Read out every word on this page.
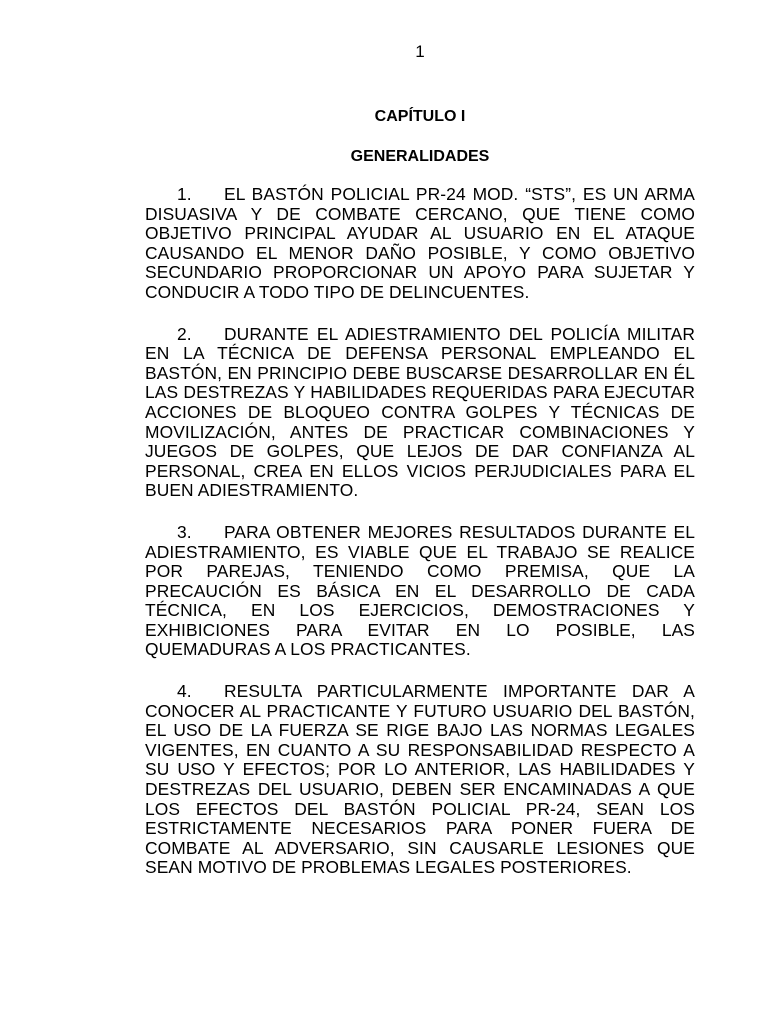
1
CAPÍTULO I
GENERALIDADES

1. EL BASTÓN POLICIAL PR-24 MOD. “STS”, ES UN ARMA DISUASIVA Y DE COMBATE CERCANO, QUE TIENE COMO OBJETIVO PRINCIPAL AYUDAR AL USUARIO EN EL ATAQUE CAUSANDO EL MENOR DAÑO POSIBLE, Y COMO OBJETIVO SECUNDARIO PROPORCIONAR UN APOYO PARA SUJETAR Y CONDUCIR A TODO TIPO DE DELINCUENTES.

2. DURANTE EL ADIESTRAMIENTO DEL POLICÍA MILITAR EN LA TÉCNICA DE DEFENSA PERSONAL EMPLEANDO EL BASTÓN, EN PRINCIPIO DEBE BUSCARSE DESARROLLAR EN ÉL LAS DESTREZAS Y HABILIDADES REQUERIDAS PARA EJECUTAR ACCIONES DE BLOQUEO CONTRA GOLPES Y TÉCNICAS DE MOVILIZACIÓN, ANTES DE PRACTICAR COMBINACIONES Y JUEGOS DE GOLPES, QUE LEJOS DE DAR CONFIANZA AL PERSONAL, CREA EN ELLOS VICIOS PERJUDICIALES PARA EL BUEN ADIESTRAMIENTO.

3. PARA OBTENER MEJORES RESULTADOS DURANTE EL ADIESTRAMIENTO, ES VIABLE QUE EL TRABAJO SE REALICE POR PAREJAS, TENIENDO COMO PREMISA, QUE LA PRECAUCIÓN ES BÁSICA EN EL DESARROLLO DE CADA TÉCNICA, EN LOS EJERCICIOS, DEMOSTRACIONES Y EXHIBICIONES PARA EVITAR EN LO POSIBLE, LAS QUEMADURAS A LOS PRACTICANTES.

4. RESULTA PARTICULARMENTE IMPORTANTE DAR A CONOCER AL PRACTICANTE Y FUTURO USUARIO DEL BASTÓN, EL USO DE LA FUERZA SE RIGE BAJO LAS NORMAS LEGALES VIGENTES, EN CUANTO A SU RESPONSABILIDAD RESPECTO A SU USO Y EFECTOS; POR LO ANTERIOR, LAS HABILIDADES Y DESTREZAS DEL USUARIO, DEBEN SER ENCAMINADAS A QUE LOS EFECTOS DEL BASTÓN POLICIAL PR-24, SEAN LOS ESTRICTAMENTE NECESARIOS PARA PONER FUERA DE COMBATE AL ADVERSARIO, SIN CAUSARLE LESIONES QUE SEAN MOTIVO DE PROBLEMAS LEGALES POSTERIORES.
